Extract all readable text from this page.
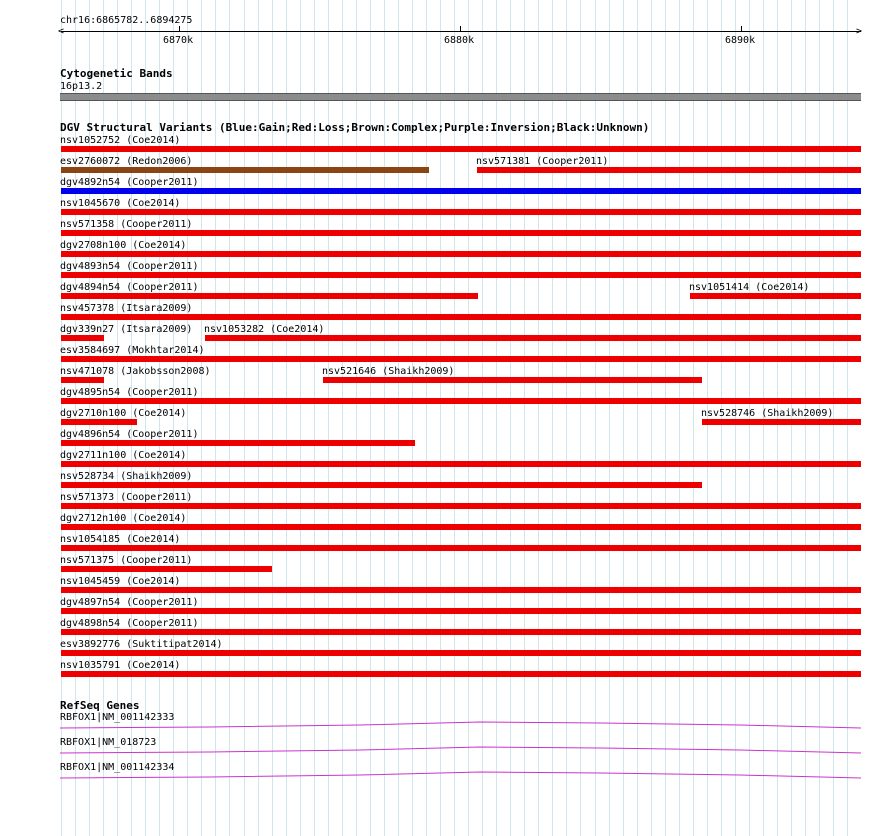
chr16:6865782..6894275
<	>
6870k	6880k	6890k
Cytogenetic Bands
16p13.2
DGV Structural Variants (Blue:Gain;Red:Loss;Brown:Complex;Purple:Inversion;Black:Unknown)
nsv1052752 (Coe2014)
esv2760072 (Redon2006)	nsv571381 (Cooper2011)
dgv4892n54 (Cooper2011)
nsv1045670 (Coe2014)
nsv571358 (Cooper2011)
dgv2708n100 (Coe2014)
dgv4893n54 (Cooper2011)
dgv4894n54 (Cooper2011)	nsv1051414 (Coe2014)
nsv457378 (Itsara2009)
dgv339n27 (Itsara2009) nsv1053282 (Coe2014)
esv3584697 (Mokhtar2014)
nsv471078 (Jakobsson2008)	nsv521646 (Shaikh2009)
dgv4895n54 (Cooper2011)
dgv2710n100 (Coe2014)	nsv528746 (Shaikh2009)
dgv4896n54 (Cooper2011)
dgv2711n100 (Coe2014)
nsv528734 (Shaikh2009)
nsv571373 (Cooper2011)
dgv2712n100 (Coe2014)
nsv1054185 (Coe2014)
nsv571375 (Cooper2011)
nsv1045459 (Coe2014)
dgv4897n54 (Cooper2011)
dgv4898n54 (Cooper2011)
esv3892776 (Suktitipat2014)
nsv1035791 (Coe2014)
RefSeq Genes
RBFOX1|NM_001142333
RBFOX1|NM_018723
RBFOX1|NM_001142334
